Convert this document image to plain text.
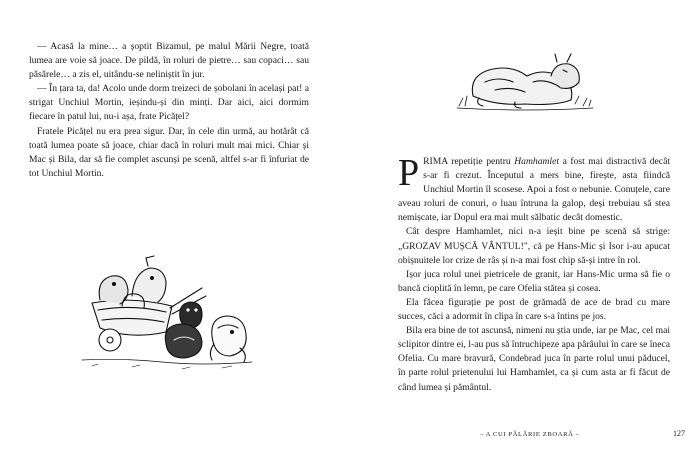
— Acasă la mine… a șoptit Bizamul, pe malul Mării Negre, toată lumea are voie să joace. De pildă, în roluri de pietre… sau copaci… sau păsărele… a zis el, uitându-se neliniștit în jur.

— În țara ta, da! Acolo unde dorm treizeci de șobolani în același pat! a strigat Unchiul Mortin, ieșindu-și din minți. Dar aici, aici dormim fiecare în patul lui, nu-i așa, frate Picățel?

Fratele Picățel nu era prea sigur. Dar, în cele din urmă, au hotărât că toată lumea poate să joace, chiar dacă în roluri mult mai mici. Chiar și Mac și Bila, dar să fie complet ascunși pe scenă, altfel s-ar fi înfuriat de tot Unchiul Mortin.	PRIMA repetiție pentru Hamhamlet a fost mai distractivă decât s-ar fi crezut. Începutul a mers bine, firește, asta fiindcă Unchiul Mortin îl scosese. Apoi a fost o nebunie. Conuțele, care aveau roluri de conuri, o luau întruna la galop, deși trebuiau să stea nemișcate, iar Dopul era mai mult sălbatic decât domestic.

Cât despre Hamhamlet, nici n-a ieșit bine pe scenă să strige: „GROZAV MUȘCĂ VÂNTUL!", că pe Hans-Mic și Isor i-au apucat obișnuitele lor crize de râs și n-a mai fost chip să-și intre în rol.

Ișor juca rolul unei pietricele de granit, iar Hans-Mic urma să fie o bancă cioplită în lemn, pe care Ofelia stătea și cosea.

Ela făcea figurație pe post de grămadă de ace de brad cu mare succes, căci a adormit în clipa în care s-a întins pe jos.

Bila era bine de tot ascunsă, nimeni nu știa unde, iar pe Mac, cel mai sclipitor dintre ei, l-au pus să întruchipeze apa pârâului în care se îneca Ofelia. Cu mare bravură, Condebrad juca în parte rolul unui păducel, în parte rolul prietenului lui Hamhamlet, ca și cum asta ar fi făcut de când lumea și pământul.

– A CUI PĂLĂRIE ZBOARĂ –	127
